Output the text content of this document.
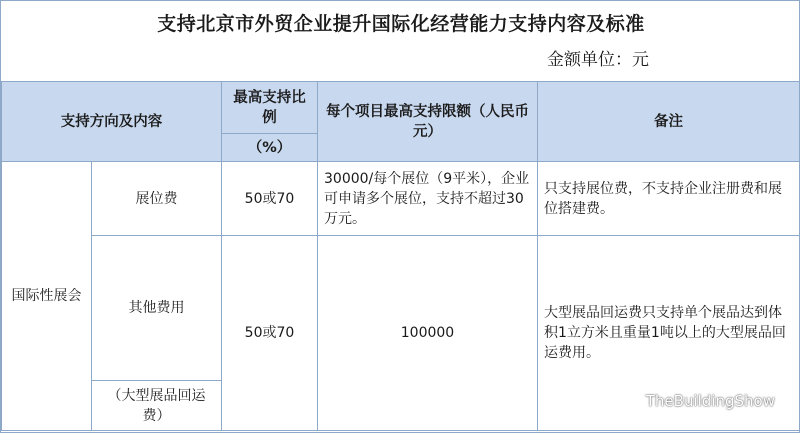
支持北京市外贸企业提升国际化经营能力支持内容及标准
金额单位：元
支持方向及内容		最高支持比例	每个项目最高支持限额（人民币元）	备注
		（%）		
国际性展会	展位费	50或70	30000/每个展位（9平米），企业可申请多个展位，支持不超过30万元。	只支持展位费，不支持企业注册费和展位搭建费。
	其他费用	50或70	100000	大型展品回运费只支持单个展品达到体积1立方米且重量1吨以上的大型展品回运费用。
	（大型展品回运费）			
TheBuildingShow
